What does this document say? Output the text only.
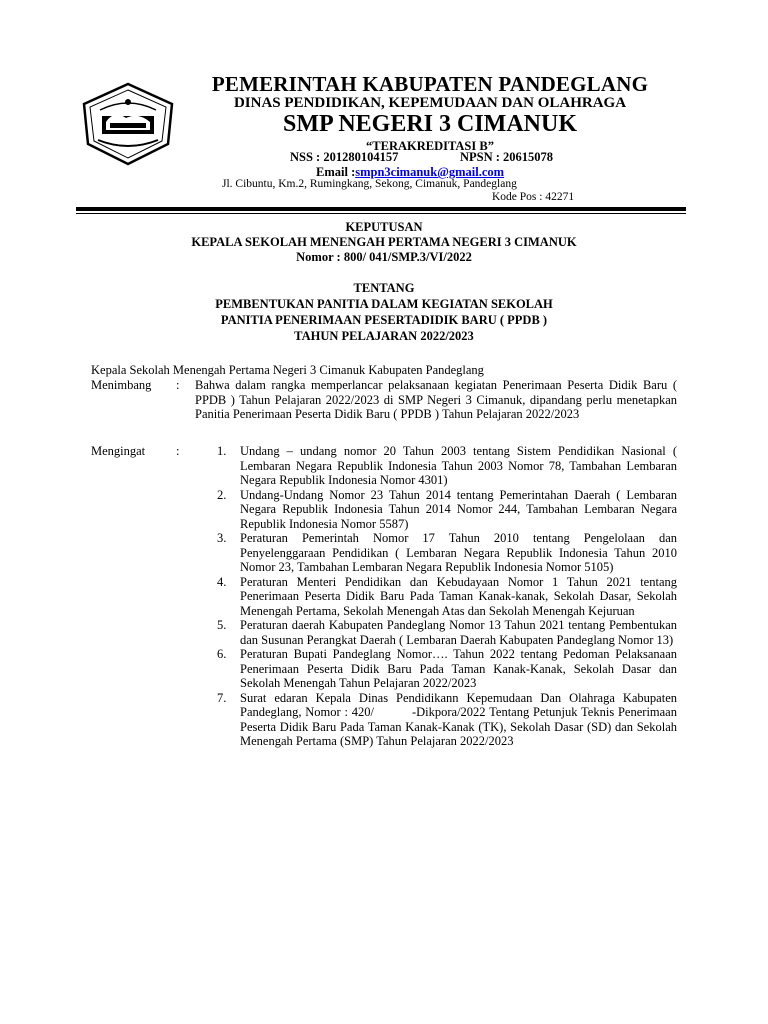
PEMERINTAH KABUPATEN PANDEGLANG
DINAS PENDIDIKAN, KEPEMUDAAN DAN OLAHRAGA
SMP NEGERI 3 CIMANUK
“TERAKREDITASI B”
NSS : 201280104157	NPSN : 20615078
Email :smpn3cimanuk@gmail.com
Jl. Cibuntu, Km.2, Rumingkang, Sekong, Cimanuk, Pandeglang
Kode Pos : 42271
KEPUTUSAN
KEPALA SEKOLAH MENENGAH PERTAMA NEGERI 3 CIMANUK
Nomor : 800/ 041/SMP.3/VI/2022
TENTANG
PEMBENTUKAN PANITIA DALAM KEGIATAN SEKOLAH
PANITIA PENERIMAAN PESERTADIDIK BARU ( PPDB )
TAHUN PELAJARAN 2022/2023
Kepala Sekolah Menengah Pertama Negeri 3 Cimanuk Kabupaten Pandeglang
Menimbang : Bahwa dalam rangka memperlancar pelaksanaan kegiatan Penerimaan Peserta Didik Baru ( PPDB ) Tahun Pelajaran 2022/2023 di SMP Negeri 3 Cimanuk, dipandang perlu menetapkan Panitia Penerimaan Peserta Didik Baru ( PPDB ) Tahun Pelajaran 2022/2023
Mengingat :	1. Undang – undang nomor 20 Tahun 2003 tentang Sistem Pendidikan Nasional ( Lembaran Negara Republik Indonesia Tahun 2003 Nomor 78, Tambahan Lembaran Negara Republik Indonesia Nomor 4301)
2. Undang-Undang Nomor 23 Tahun 2014 tentang Pemerintahan Daerah ( Lembaran Negara Republik Indonesia Tahun 2014 Nomor 244, Tambahan Lembaran Negara Republik Indonesia Nomor 5587)
3. Peraturan Pemerintah Nomor 17 Tahun 2010 tentang Pengelolaan dan Penyelenggaraan Pendidikan ( Lembaran Negara Republik Indonesia Tahun 2010 Nomor 23, Tambahan Lembaran Negara Republik Indonesia Nomor 5105)
4. Peraturan Menteri Pendidikan dan Kebudayaan Nomor 1 Tahun 2021 tentang Penerimaan Peserta Didik Baru Pada Taman Kanak-kanak, Sekolah Dasar, Sekolah Menengah Pertama, Sekolah Menengah Atas dan Sekolah Menengah Kejuruan
5. Peraturan daerah Kabupaten Pandeglang Nomor 13 Tahun 2021 tentang Pembentukan dan Susunan Perangkat Daerah ( Lembaran Daerah Kabupaten Pandeglang Nomor 13)
6. Peraturan Bupati Pandeglang Nomor…. Tahun 2022 tentang Pedoman Pelaksanaan Penerimaan Peserta Didik Baru Pada Taman Kanak-Kanak, Sekolah Dasar dan Sekolah Menengah Tahun Pelajaran 2022/2023
7. Surat edaran Kepala Dinas Pendidikann Kepemudaan Dan Olahraga Kabupaten Pandeglang, Nomor : 420/          -Dikpora/2022 Tentang Petunjuk Teknis Penerimaan Peserta Didik Baru Pada Taman Kanak-Kanak (TK), Sekolah Dasar (SD) dan Sekolah Menengah Pertama (SMP) Tahun Pelajaran 2022/2023
